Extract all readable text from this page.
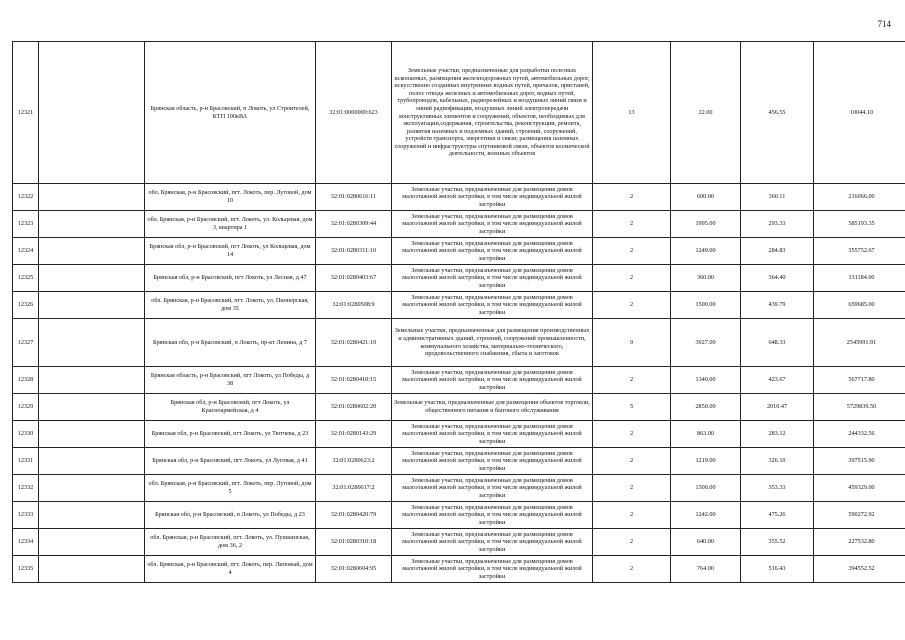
714
12321		Брянская область, р-н Брасовский, п Локоть, ул Строителей, КТП 100кВА	32:01:0000000:623	Земельные участки, предназначенные для разработки полезных ископаемых, размещения железнодорожных путей, автомобильных дорог, искусственно созданных внутренних водных путей, причалов, пристаней, полос отвода железных и автомобильных дорог, водных путей, трубопроводов, кабельных, радиорелейных и воздушных линий связи и линий радиофикации, воздушных линий электропередачи конструктивных элементов и сооружений, объектов, необходимых для эксплуатации,содержания, строительства, реконструкции, ремонта, развития наземных и подземных зданий, строений, сооружений, устройств транспорта, энергетики и связи; размещения наземных сооружений и инфраструктуры спутниковой связи, объектов космической деятельности, военных объектов	13	22.00	456.55	10044.10
12322		обл. Брянская, р-н Брасовский, пгт. Локоть, пер. Луговой, дом 10	32:01:0280616:11	Земельные участки, предназначенные для размещения домов малоэтажной жилой застройки, в том числе индивидуальной жилой застройки	2	600.00	360.11	216066.00
12323		обл. Брянская, р-н Брасовский, пгт. Локоть, ул. Кольцевая, дом 3, квартира 1	32:01:0280309:44	Земельные участки, предназначенные для размещения домов малоэтажной жилой застройки, в том числе индивидуальной жилой застройки	2	1995.00	293.33	585193.35
12324		Брянская обл, р-н Брасовский, пгт Локоть, ул Кольцевая, дом 14	32:01:0280311:10	Земельные участки, предназначенные для размещения домов малоэтажной жилой застройки, в том числе индивидуальной жилой застройки	2	1249.00	284.83	355752.67
12325		Брянская обл, р-н Брасовский, пгт Локоть, ул Лесная, д 47	32:01:0280403:67	Земельные участки, предназначенные для размещения домов малоэтажной жилой застройки, в том числе индивидуальной жилой застройки	2	360.00	364.40	131184.00
12326		обл. Брянская, р-н Брасовский, пгт. Локоть, ул. Пионерская, дом 35	32:01:0280508:9	Земельные участки, предназначенные для размещения домов малоэтажной жилой застройки, в том числе индивидуальной жилой застройки	2	1500.00	439.79	659685.00
12327		Брянская обл, р-н Брасовский, п Локоть, пр-кт Ленина, д 7	32:01:0280421:10	Земельные участки, предназначенные для размещения производственных и административных зданий, строений, сооружений промышленности, коммунального хозяйства, материально-технического, продовольственного снабжения, сбыта и заготовок	9	3927.00	648.33	2545991.91
12328		Брянская область, р-н Брасовский, пгт Локоть, ул Победы, д 38	32:01:0280410:15	Земельные участки, предназначенные для размещения домов малоэтажной жилой застройки, в том числе индивидуальной жилой застройки	2	1340.00	423.67	567717.80
12329		Брянская обл, р-н Брасовский, пгт Локоть, ул Красноармейская, д 4	32:01:0280602:20	Земельные участки, предназначенные для размещения объектов торговли, общественного питания и бытового обслуживания	5	2850.00	2010.47	5729839.50
12330		Брянская обл, р-н Брасовский, пгт Локоть, ул Тютчева, д 23	32:01:0280143:29	Земельные участки, предназначенные для размещения домов малоэтажной жилой застройки, в том числе индивидуальной жилой застройки	2	863.00	283.12	244332.56
12331		Брянская обл, р-н Брасовский, пгт Локоть, ул Луговая, д 41	32:01:0280623:2	Земельные участки, предназначенные для размещения домов малоэтажной жилой застройки, в том числе индивидуальной жилой застройки	2	1219.00	326.10	397515.90
12332		обл. Брянская, р-н Брасовский, пгт. Локоть, пер. Луговой, дом 5	32:01:0280617:2	Земельные участки, предназначенные для размещения домов малоэтажной жилой застройки, в том числе индивидуальной жилой застройки	2	1300.00	353.33	459329.00
12333		Брянская обл, р-н Брасовский, п Локоть, ул Победы, д 23	32:01:0280420:79	Земельные участки, предназначенные для размещения домов малоэтажной жилой застройки, в том числе индивидуальной жилой застройки	2	1242.00	475.26	590272.92
12334		обл. Брянская, р-н Брасовский, пгт. Локоть, ул. Пушкинская, дом 36, 2	32:01:0280310:18	Земельные участки, предназначенные для размещения домов малоэтажной жилой застройки, в том числе индивидуальной жилой застройки	2	640.00	355.52	227532.80
12335		обл. Брянская, р-н Брасовский, пгт. Локоть, пер. Липовый, дом 4	32:01:0280604:95	Земельные участки, предназначенные для размещения домов малоэтажной жилой застройки, в том числе индивидуальной жилой застройки	2	764.00	516.43	394552.52
